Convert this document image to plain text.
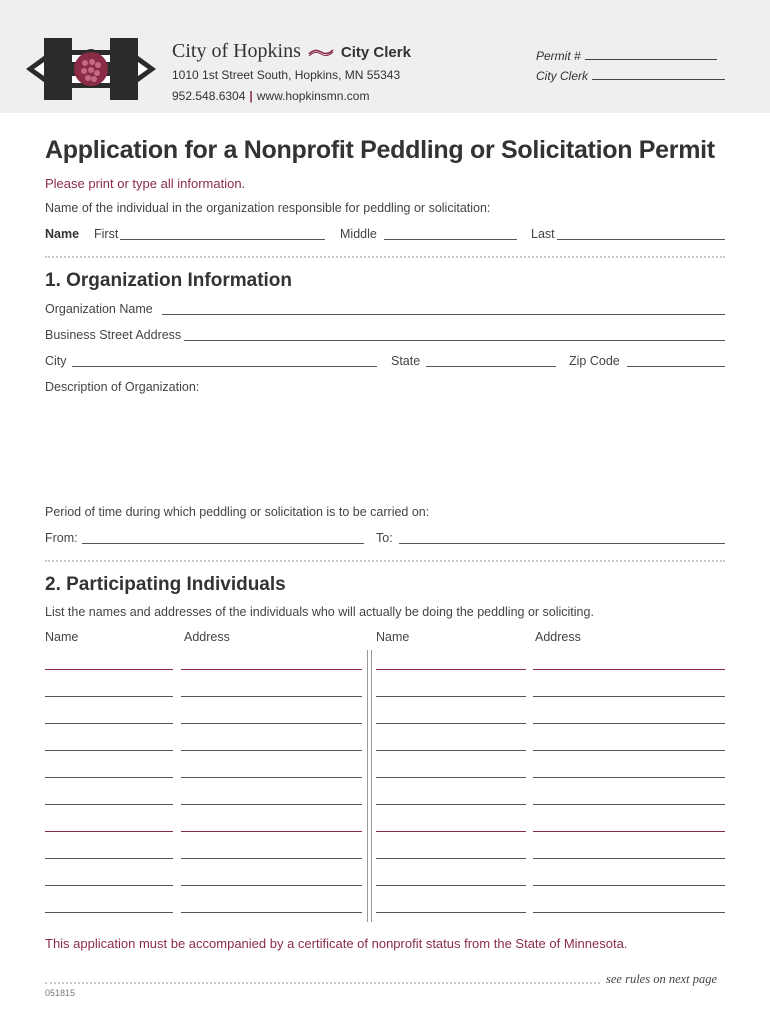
City of Hopkins	City Clerk
1010 1st Street South, Hopkins, MN 55343
952.548.6304 | www.hopkinsmn.com
Permit #
City Clerk
Application for a Nonprofit Peddling or Solicitation Permit
Please print or type all information.
Name of the individual in the organization responsible for peddling or solicitation:
Name First	Middle	Last
1. Organization Information
Organization Name
Business Street Address
City	State	Zip Code
Description of Organization:
Period of time during which peddling or solicitation is to be carried on:
From:	To:
2. Participating Individuals
List the names and addresses of the individuals who will actually be doing the peddling or soliciting.
Name	Address	Name	Address
This application must be accompanied by a certificate of nonprofit status from the State of Minnesota.
see rules on next page
051815
